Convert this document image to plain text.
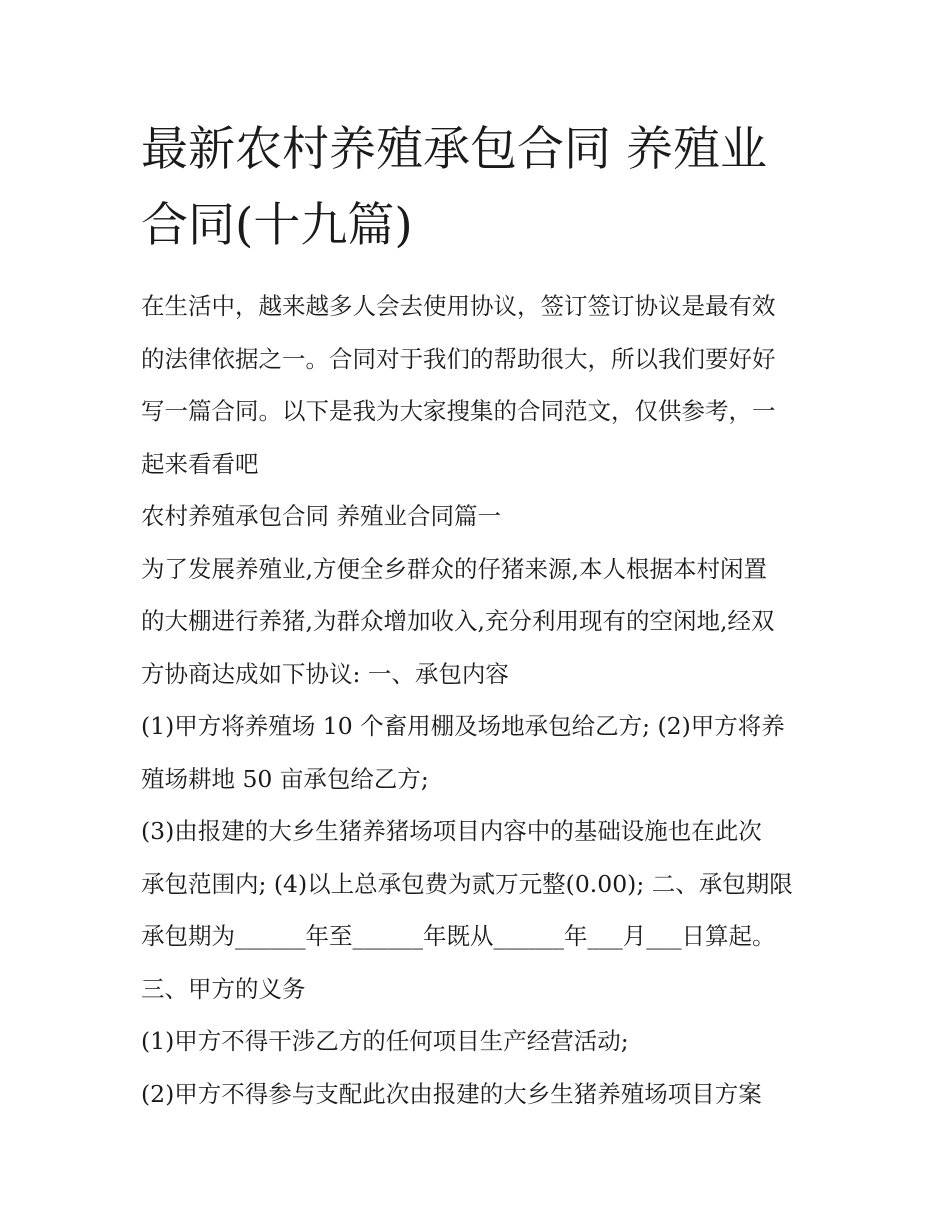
最新农村养殖承包合同 养殖业
合同(十九篇)
在生活中，越来越多人会去使用协议，签订签订协议是最有效
的法律依据之一。合同对于我们的帮助很大，所以我们要好好
写一篇合同。以下是我为大家搜集的合同范文，仅供参考，一
起来看看吧
农村养殖承包合同 养殖业合同篇一
为了发展养殖业,方便全乡群众的仔猪来源,本人根据本村闲置
的大棚进行养猪,为群众增加收入,充分利用现有的空闲地,经双
方协商达成如下协议: 一、承包内容
(1)甲方将养殖场 10 个畜用棚及场地承包给乙方; (2)甲方将养
殖场耕地 50 亩承包给乙方;
(3)由报建的大乡生猪养猪场项目内容中的基础设施也在此次
承包范围内; (4)以上总承包费为贰万元整(0.00); 二、承包期限
承包期为______年至______年既从______年___月___日算起。
三、甲方的义务
(1)甲方不得干涉乙方的任何项目生产经营活动;
(2)甲方不得参与支配此次由报建的大乡生猪养殖场项目方案
